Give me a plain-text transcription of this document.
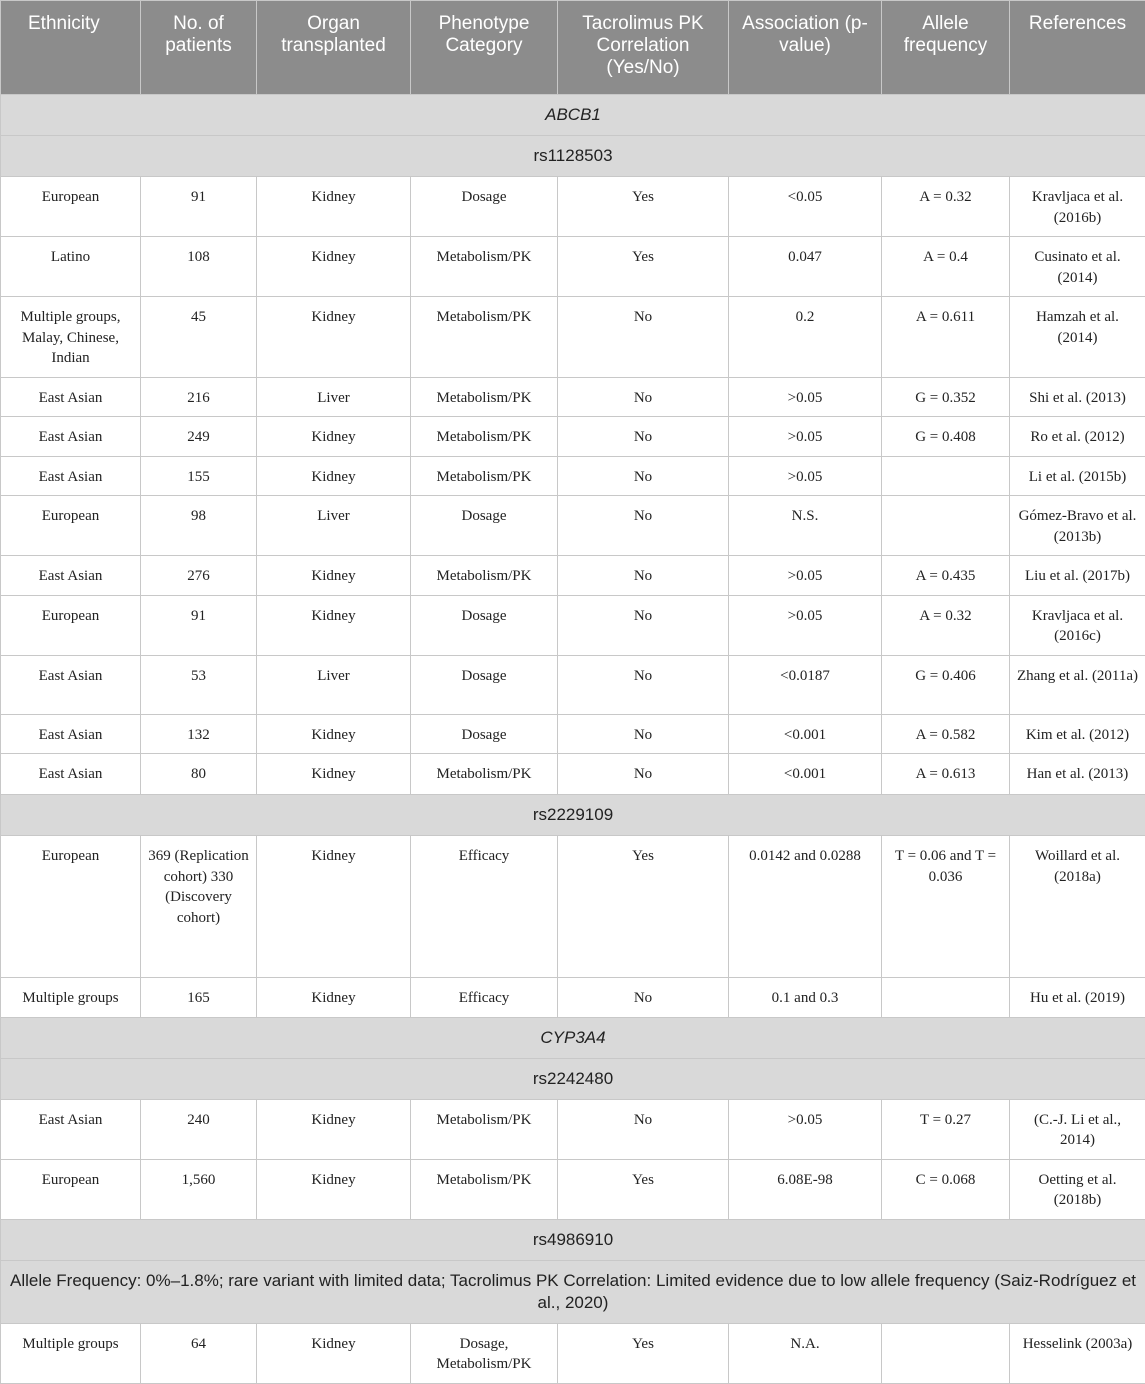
Ethnicity	No. of patients	Organ transplanted	Phenotype Category	Tacrolimus PK Correlation (Yes/No)	Association (p-value)	Allele frequency	References
ABCB1							
rs1128503							
European	91	Kidney	Dosage	Yes	<0.05	A = 0.32	Kravljaca et al. (2016b)
Latino	108	Kidney	Metabolism/PK	Yes	0.047	A = 0.4	Cusinato et al. (2014)
Multiple groups, Malay, Chinese, Indian	45	Kidney	Metabolism/PK	No	0.2	A = 0.611	Hamzah et al. (2014)
East Asian	216	Liver	Metabolism/PK	No	>0.05	G = 0.352	Shi et al. (2013)
East Asian	249	Kidney	Metabolism/PK	No	>0.05	G = 0.408	Ro et al. (2012)
East Asian	155	Kidney	Metabolism/PK	No	>0.05		Li et al. (2015b)
European	98	Liver	Dosage	No	N.S.		Gómez-Bravo et al. (2013b)
East Asian	276	Kidney	Metabolism/PK	No	>0.05	A = 0.435	Liu et al. (2017b)
European	91	Kidney	Dosage	No	>0.05	A = 0.32	Kravljaca et al. (2016c)
East Asian	53	Liver	Dosage	No	<0.0187	G = 0.406	Zhang et al. (2011a)
East Asian	132	Kidney	Dosage	No	<0.001	A = 0.582	Kim et al. (2012)
East Asian	80	Kidney	Metabolism/PK	No	<0.001	A = 0.613	Han et al. (2013)
rs2229109							
European	369 (Replication cohort) 330 (Discovery cohort)	Kidney	Efficacy	Yes	0.0142 and 0.0288	T = 0.06 and T = 0.036	Woillard et al. (2018a)
Multiple groups	165	Kidney	Efficacy	No	0.1 and 0.3		Hu et al. (2019)
CYP3A4							
rs2242480							
East Asian	240	Kidney	Metabolism/PK	No	>0.05	T = 0.27	(C.-J. Li et al., 2014)
European	1,560	Kidney	Metabolism/PK	Yes	6.08E-98	C = 0.068	Oetting et al. (2018b)
rs4986910							
Allele Frequency: 0%–1.8%; rare variant with limited data; Tacrolimus PK Correlation: Limited evidence due to low allele frequency (Saiz-Rodríguez et al., 2020)							
Multiple groups	64	Kidney	Dosage, Metabolism/PK	Yes	N.A.		Hesselink (2003a)
